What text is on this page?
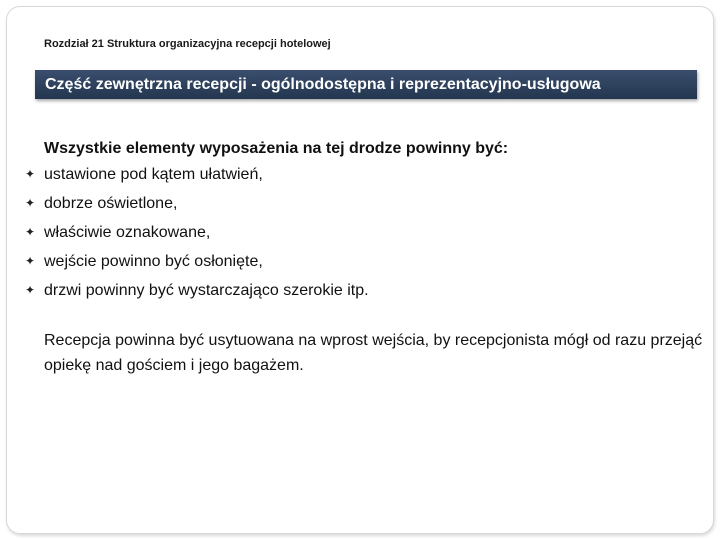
Rozdział 21 Struktura organizacyjna recepcji hotelowej
Część zewnętrzna recepcji - ogólnodostępna i reprezentacyjno-usługowa
Wszystkie elementy wyposażenia na tej drodze powinny być:
✦ ustawione pod kątem ułatwień,
✦ dobrze oświetlone,
✦ właściwie oznakowane,
✦ wejście powinno być osłonięte,
✦ drzwi powinny być wystarczająco szerokie itp.
Recepcja powinna być usytuowana na wprost wejścia, by recepcjonista mógł od razu przejąć opiekę nad gościem i jego bagażem.
